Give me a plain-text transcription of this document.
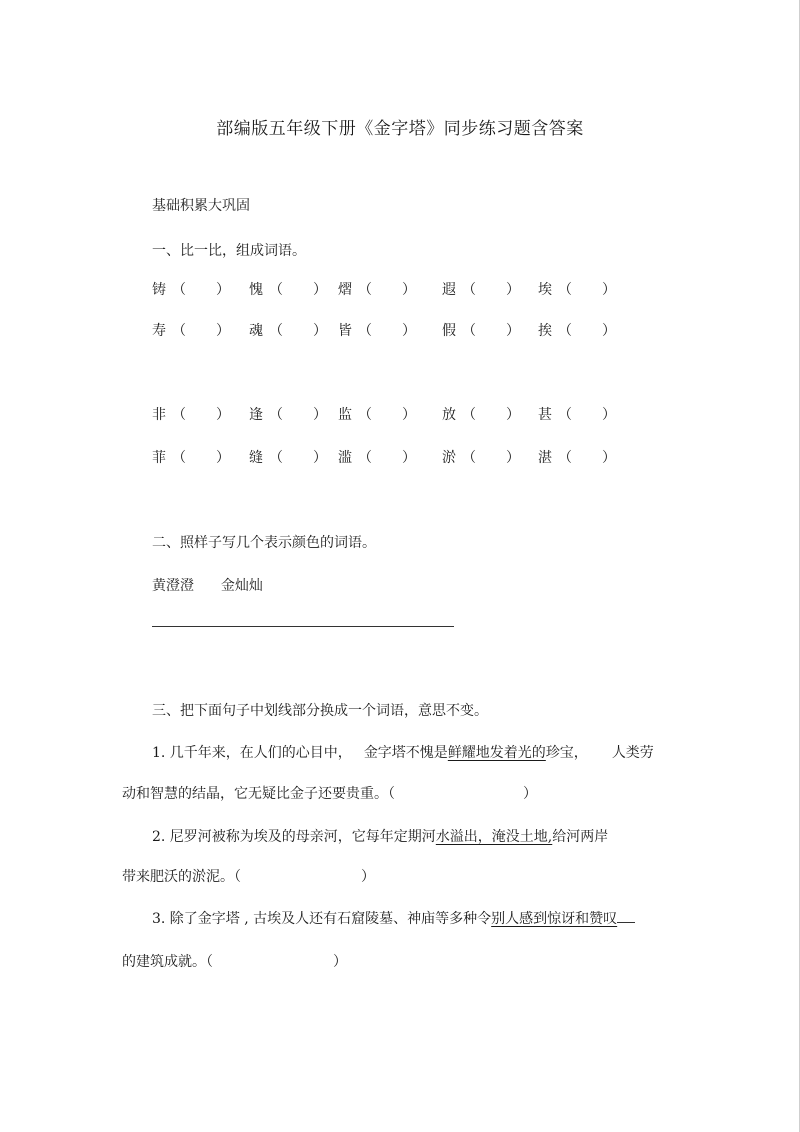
部编版五年级下册《金字塔》同步练习题含答案
基础积累大巩固
一、比一比，组成词语。
铸 （ ） 愧 （ ） 熠 （ ） 遐 （ ） 埃 （ ）
寿 （ ） 魂 （ ） 皆 （ ） 假 （ ） 挨 （ ）
非 （ ） 逢 （ ） 监 （ ） 放 （ ） 甚 （ ）
菲 （ ） 缝 （ ） 滥 （ ） 淤 （ ） 湛 （ ）
二、照样子写几个表示颜色的词语。
黄澄澄 金灿灿
三、把下面句子中划线部分换成一个词语，意思不变。
1. 几千年来，在人们的心目中， 金字塔不愧是鲜耀地发着光的珍宝， 人类劳
动和智慧的结晶，它无疑比金子还要贵重。（	）
2. 尼罗河被称为埃及的母亲河，它每年定期河水溢出，淹没土地,给河两岸
带来肥沃的淤泥。（	）
3. 除了金字塔 , 古埃及人还有石窟陵墓、神庙等多种令别人感到惊讶和赞叹
的建筑成就。（	）
